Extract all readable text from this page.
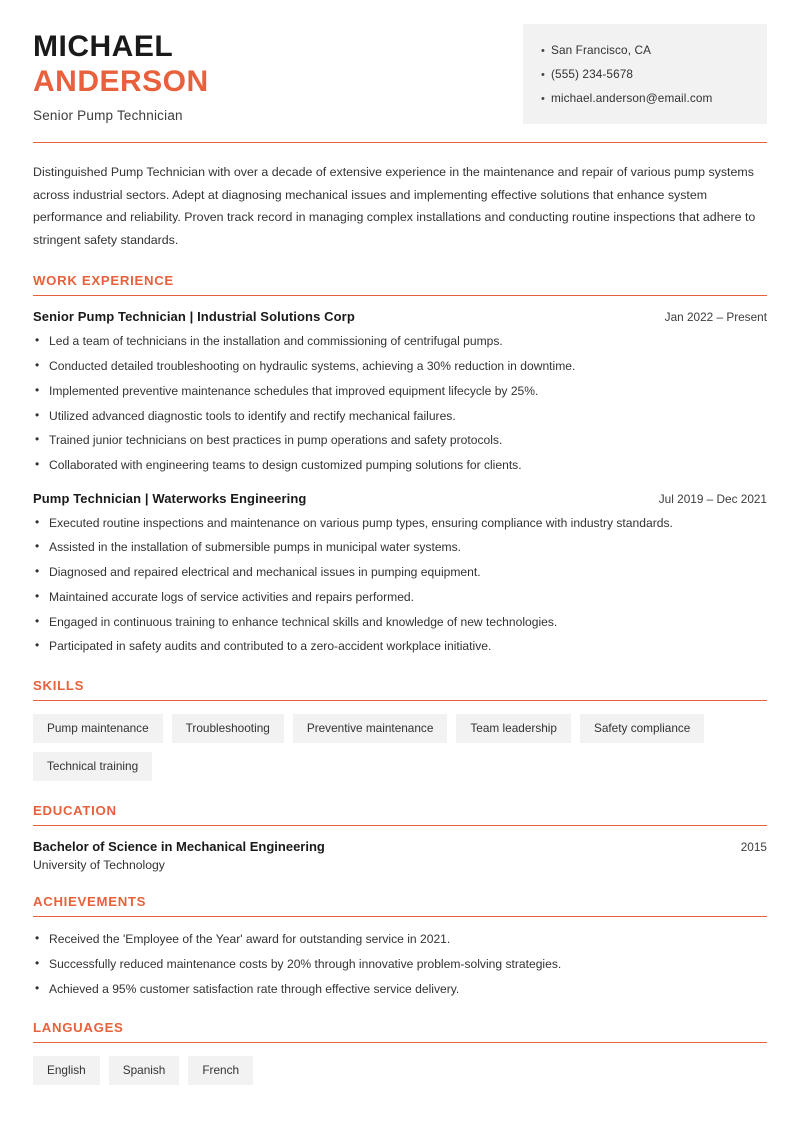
MICHAEL
ANDERSON
Senior Pump Technician
• San Francisco, CA
• (555) 234-5678
• michael.anderson@email.com
Distinguished Pump Technician with over a decade of extensive experience in the maintenance and repair of various pump systems across industrial sectors. Adept at diagnosing mechanical issues and implementing effective solutions that enhance system performance and reliability. Proven track record in managing complex installations and conducting routine inspections that adhere to stringent safety standards.
WORK EXPERIENCE
Senior Pump Technician | Industrial Solutions Corp	Jan 2022 – Present
• Led a team of technicians in the installation and commissioning of centrifugal pumps.
• Conducted detailed troubleshooting on hydraulic systems, achieving a 30% reduction in downtime.
• Implemented preventive maintenance schedules that improved equipment lifecycle by 25%.
• Utilized advanced diagnostic tools to identify and rectify mechanical failures.
• Trained junior technicians on best practices in pump operations and safety protocols.
• Collaborated with engineering teams to design customized pumping solutions for clients.
Pump Technician | Waterworks Engineering	Jul 2019 – Dec 2021
• Executed routine inspections and maintenance on various pump types, ensuring compliance with industry standards.
• Assisted in the installation of submersible pumps in municipal water systems.
• Diagnosed and repaired electrical and mechanical issues in pumping equipment.
• Maintained accurate logs of service activities and repairs performed.
• Engaged in continuous training to enhance technical skills and knowledge of new technologies.
• Participated in safety audits and contributed to a zero-accident workplace initiative.
SKILLS
Pump maintenance	Troubleshooting	Preventive maintenance	Team leadership	Safety compliance
Technical training
EDUCATION
Bachelor of Science in Mechanical Engineering	2015
University of Technology
ACHIEVEMENTS
• Received the 'Employee of the Year' award for outstanding service in 2021.
• Successfully reduced maintenance costs by 20% through innovative problem-solving strategies.
• Achieved a 95% customer satisfaction rate through effective service delivery.
LANGUAGES
English	Spanish	French
